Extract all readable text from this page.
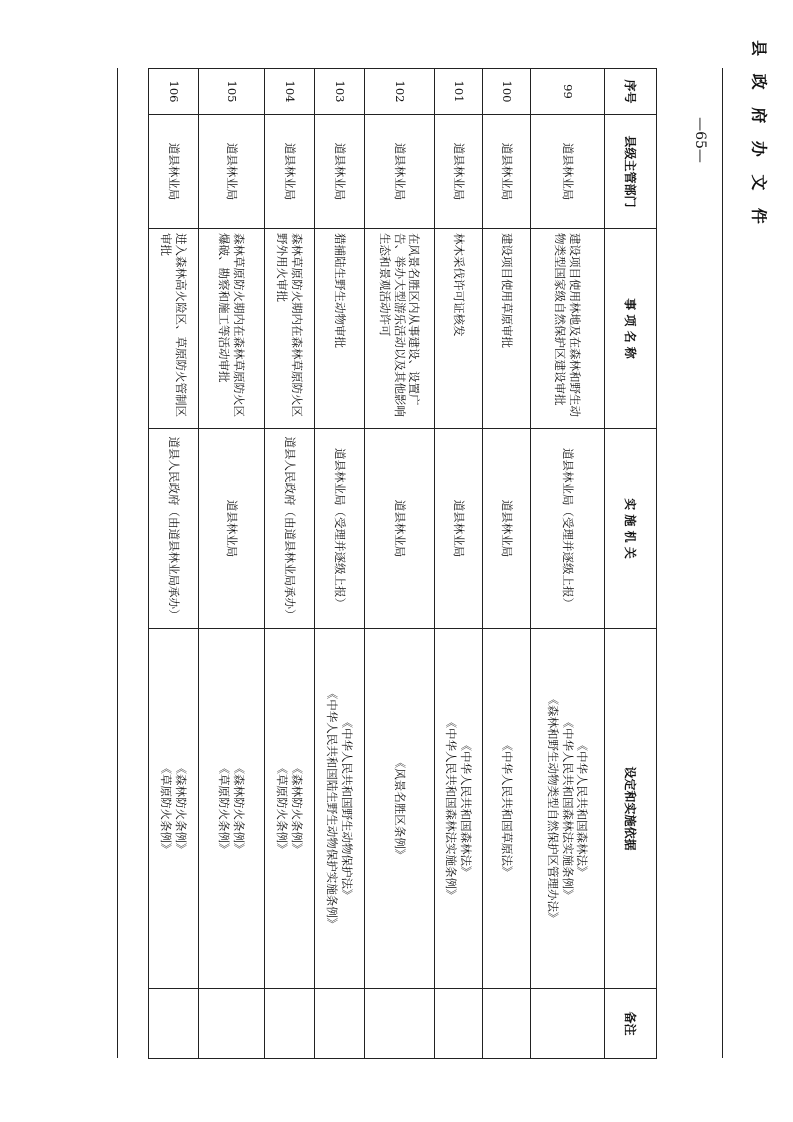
县 政 府 办 文 件
—65—
序号	县级主管部门	事 项 名 称	实 施 机 关	设定和实施依据	备注
99	道县林业局	建设项目使用林地及在森林和野生动物类型国家级自然保护区建设审批	道县林业局（受理并逐级上报）	《中华人民共和国森林法》
《中华人民共和国森林法实施条例》
《森林和野生动物类型自然保护区管理办法》	

100	道县林业局	建设项目使用草原审批	道县林业局	《中华人民共和国草原法》	

101	道县林业局	林木采伐许可证核发	道县林业局	《中华人民共和国森林法》
《中华人民共和国森林法实施条例》	

102	道县林业局	在风景名胜区内从事建设、设置广告、举办大型游乐活动以及其他影响生态和景观活动许可	道县林业局	《风景名胜区条例》	

103	道县林业局	猎捕陆生野生动物审批	道县林业局（受理并逐级上报）	《中华人民共和国野生动物保护法》
《中华人民共和国陆生野生动物保护实施条例》	

104	道县林业局	森林草原防火期内在森林草原防火区野外用火审批	道县人民政府（由道县林业局承办）	《森林防火条例》
《草原防火条例》	

105	道县林业局	森林草原防火期内在森林草原防火区爆破、勘察和施工等活动审批	道县林业局	《森林防火条例》
《草原防火条例》	

106	道县林业局	进入森林高火险区、草原防火管制区审批	道县人民政府（由道县林业局承办）	《森林防火条例》
《草原防火条例》	
